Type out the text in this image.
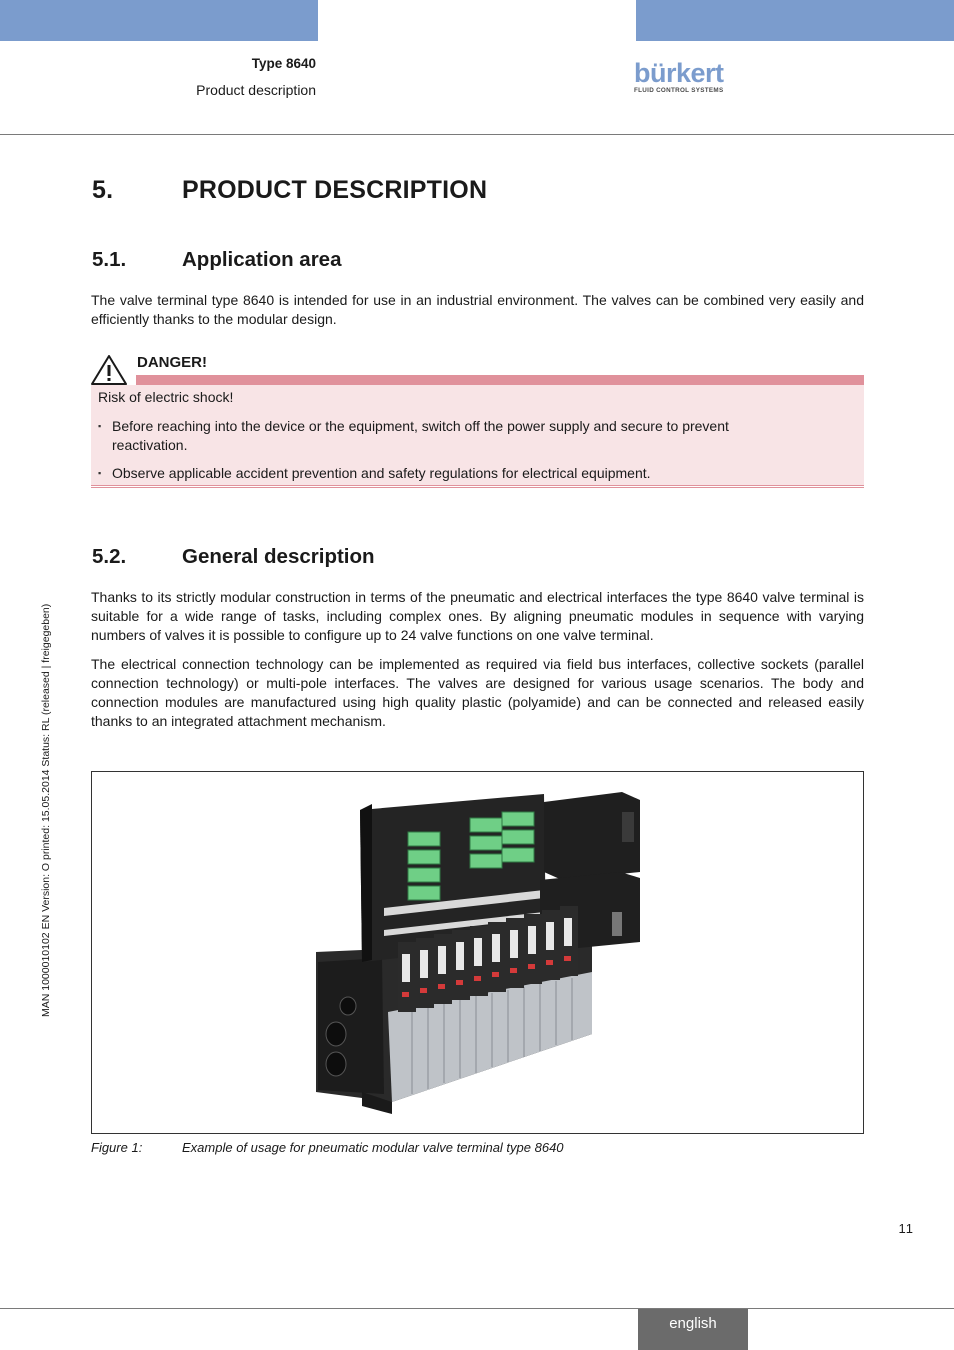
Type 8640
Product description
bürkert
FLUID CONTROL SYSTEMS
5.	PRODUCT DESCRIPTION
5.1.	Application area
The valve terminal type 8640 is intended for use in an industrial environment. The valves can be combined very easily and efficiently thanks to the modular design.
DANGER!
Risk of electric shock!
▪ Before reaching into the device or the equipment, switch off the power supply and secure to prevent reactivation.
▪ Observe applicable accident prevention and safety regulations for electrical equipment.
5.2.	General description
Thanks to its strictly modular construction in terms of the pneumatic and electrical interfaces the type 8640 valve terminal is suitable for a wide range of tasks, including complex ones. By aligning pneumatic modules in sequence with varying numbers of valves it is possible to configure up to 24 valve functions on one valve terminal.
The electrical connection technology can be implemented as required via field bus interfaces, collective sockets (parallel connection technology) or multi-pole interfaces. The valves are designed for various usage scenarios. The body and connection modules are manufactured using high quality plastic (polyamide) and can be connected and released easily thanks to an integrated attachment mechanism.
MAN 1000010102 EN Version: O printed: 15.05.2014 Status: RL (released | freigegeben)
Figure 1:	Example of usage for pneumatic modular valve terminal type 8640
11
english
